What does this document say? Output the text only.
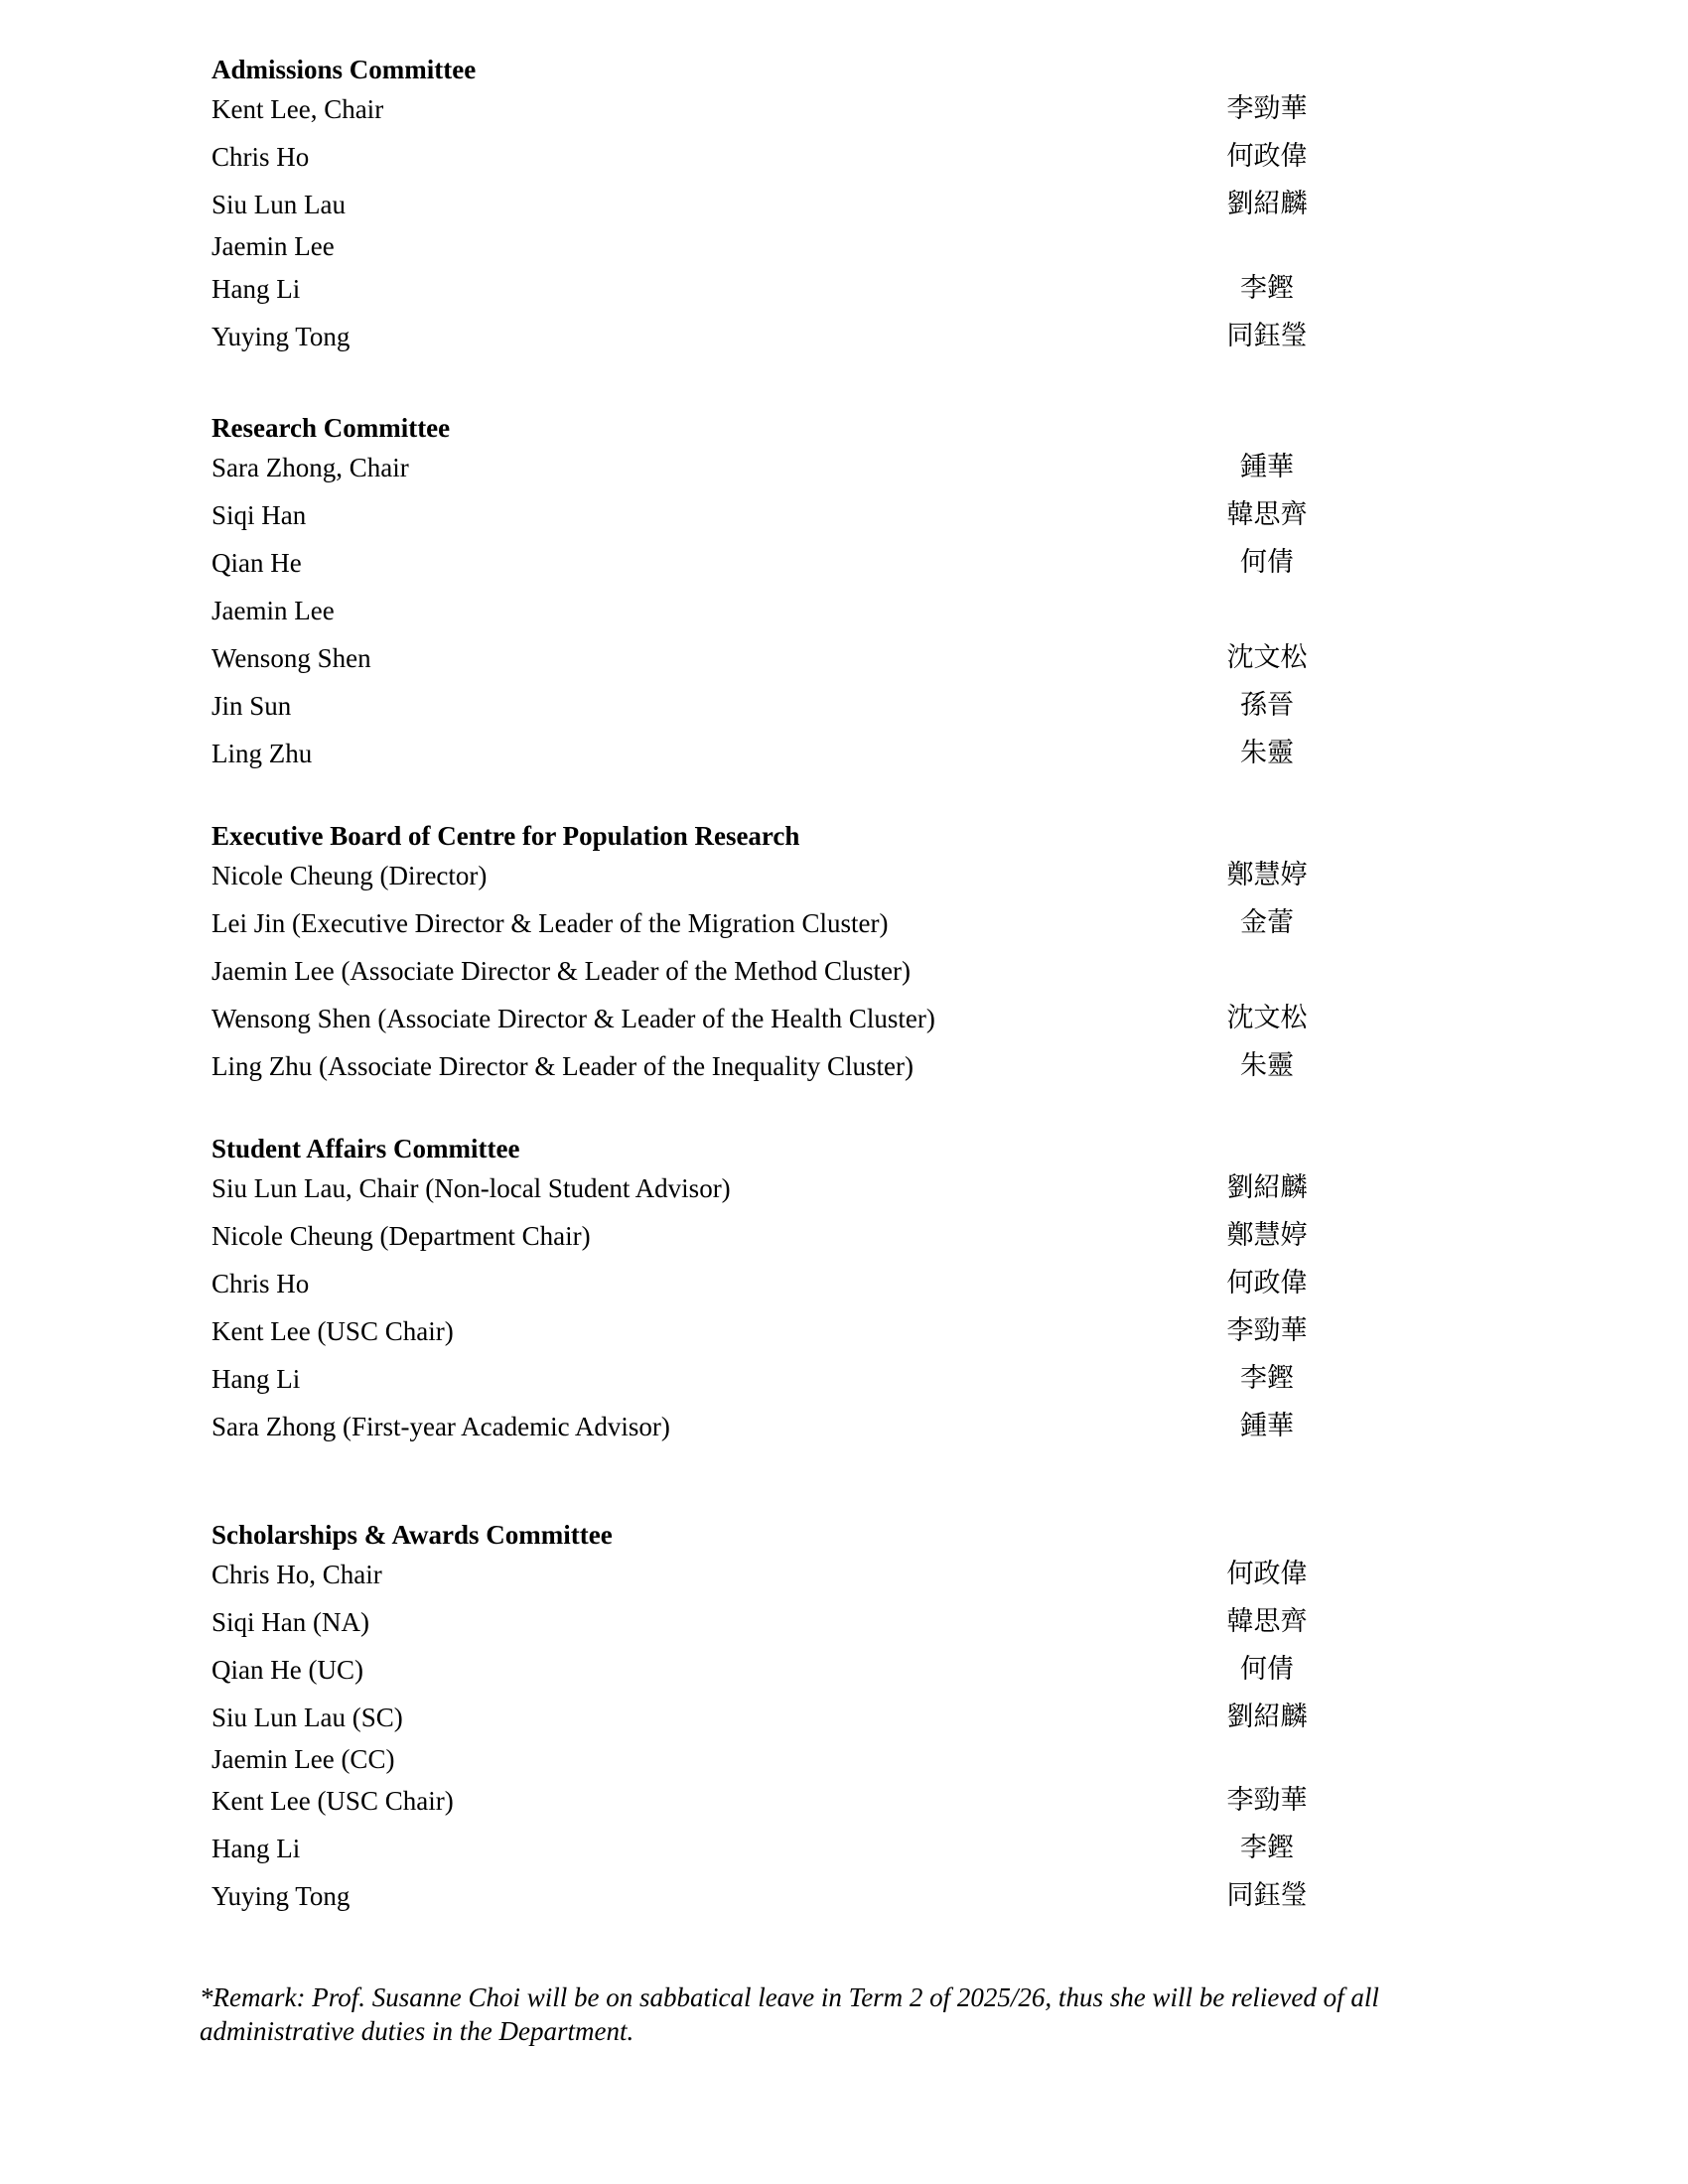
Admissions Committee
Kent Lee, Chair	李勁華
Chris Ho	何政偉
Siu Lun Lau	劉紹麟
Jaemin Lee
Hang Li	李鏗
Yuying Tong	同鈺瑩
Research Committee
Sara Zhong, Chair	鍾華
Siqi Han	韓思齊
Qian He	何倩
Jaemin Lee
Wensong Shen	沈文松
Jin Sun	孫晉
Ling Zhu	朱靈
Executive Board of Centre for Population Research
Nicole Cheung (Director)	鄭慧婷
Lei Jin (Executive Director & Leader of the Migration Cluster)	金蕾
Jaemin Lee (Associate Director & Leader of the Method Cluster)
Wensong Shen (Associate Director & Leader of the Health Cluster)	沈文松
Ling Zhu (Associate Director & Leader of the Inequality Cluster)	朱靈
Student Affairs Committee
Siu Lun Lau, Chair (Non-local Student Advisor)	劉紹麟
Nicole Cheung (Department Chair)	鄭慧婷
Chris Ho	何政偉
Kent Lee (USC Chair)	李勁華
Hang Li	李鏗
Sara Zhong (First-year Academic Advisor)	鍾華
Scholarships & Awards Committee
Chris Ho, Chair	何政偉
Siqi Han (NA)	韓思齊
Qian He (UC)	何倩
Siu Lun Lau (SC)	劉紹麟
Jaemin Lee (CC)
Kent Lee (USC Chair)	李勁華
Hang Li	李鏗
Yuying Tong	同鈺瑩
*Remark: Prof. Susanne Choi will be on sabbatical leave in Term 2 of 2025/26, thus she will be relieved of all administrative duties in the Department.
